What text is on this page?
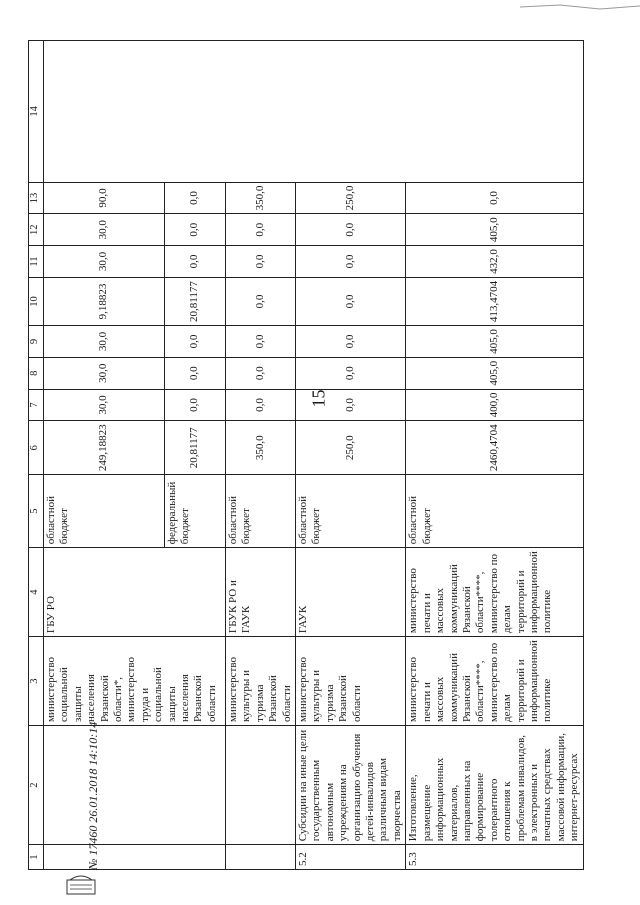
15
1	2	3	4	5	6	7	8	9	10	11	12	13	14
		министерство социальной защиты населения Рязанской области*, министерство труда и социальной защиты населения Рязанской области	ГБУ РО	областной бюджет	249,18823	30,0	30,0	30,0	9,18823	30,0	30,0	90,0	
				федеральный бюджет	20,81177	0,0	0,0	0,0	20,81177	0,0	0,0	0,0	
		министерство культуры и туризма Рязанской области	ГБУК РО и ГАУК	областной бюджет	350,0	0,0	0,0	0,0	0,0	0,0	0,0	350,0	
5.2	Субсидии на иные цели государственным автономным учреждениям на организацию обучения детей-инвалидов различным видам творчества	министерство культуры и туризма Рязанской области	ГАУК	областной бюджет	250,0	0,0	0,0	0,0	0,0	0,0	0,0	250,0	
5.3	Изготовление, размещение информационных материалов, направленных на формирование толерантного отношения к проблемам инвалидов, в электронных и печатных средствах массовой информации, интернет-ресурсах	министерство печати и массовых коммуникаций Рязанской области****, министерство по делам территорий и информационной политике	министерство печати и массовых коммуникаций Рязанской области****, министерство по делам территорий и информационной политике	областной бюджет	2460,4704	400,0	405,0	405,0	413,4704	432,0	405,0	0,0	
№ 17460 26.01.2018 14:10:14
